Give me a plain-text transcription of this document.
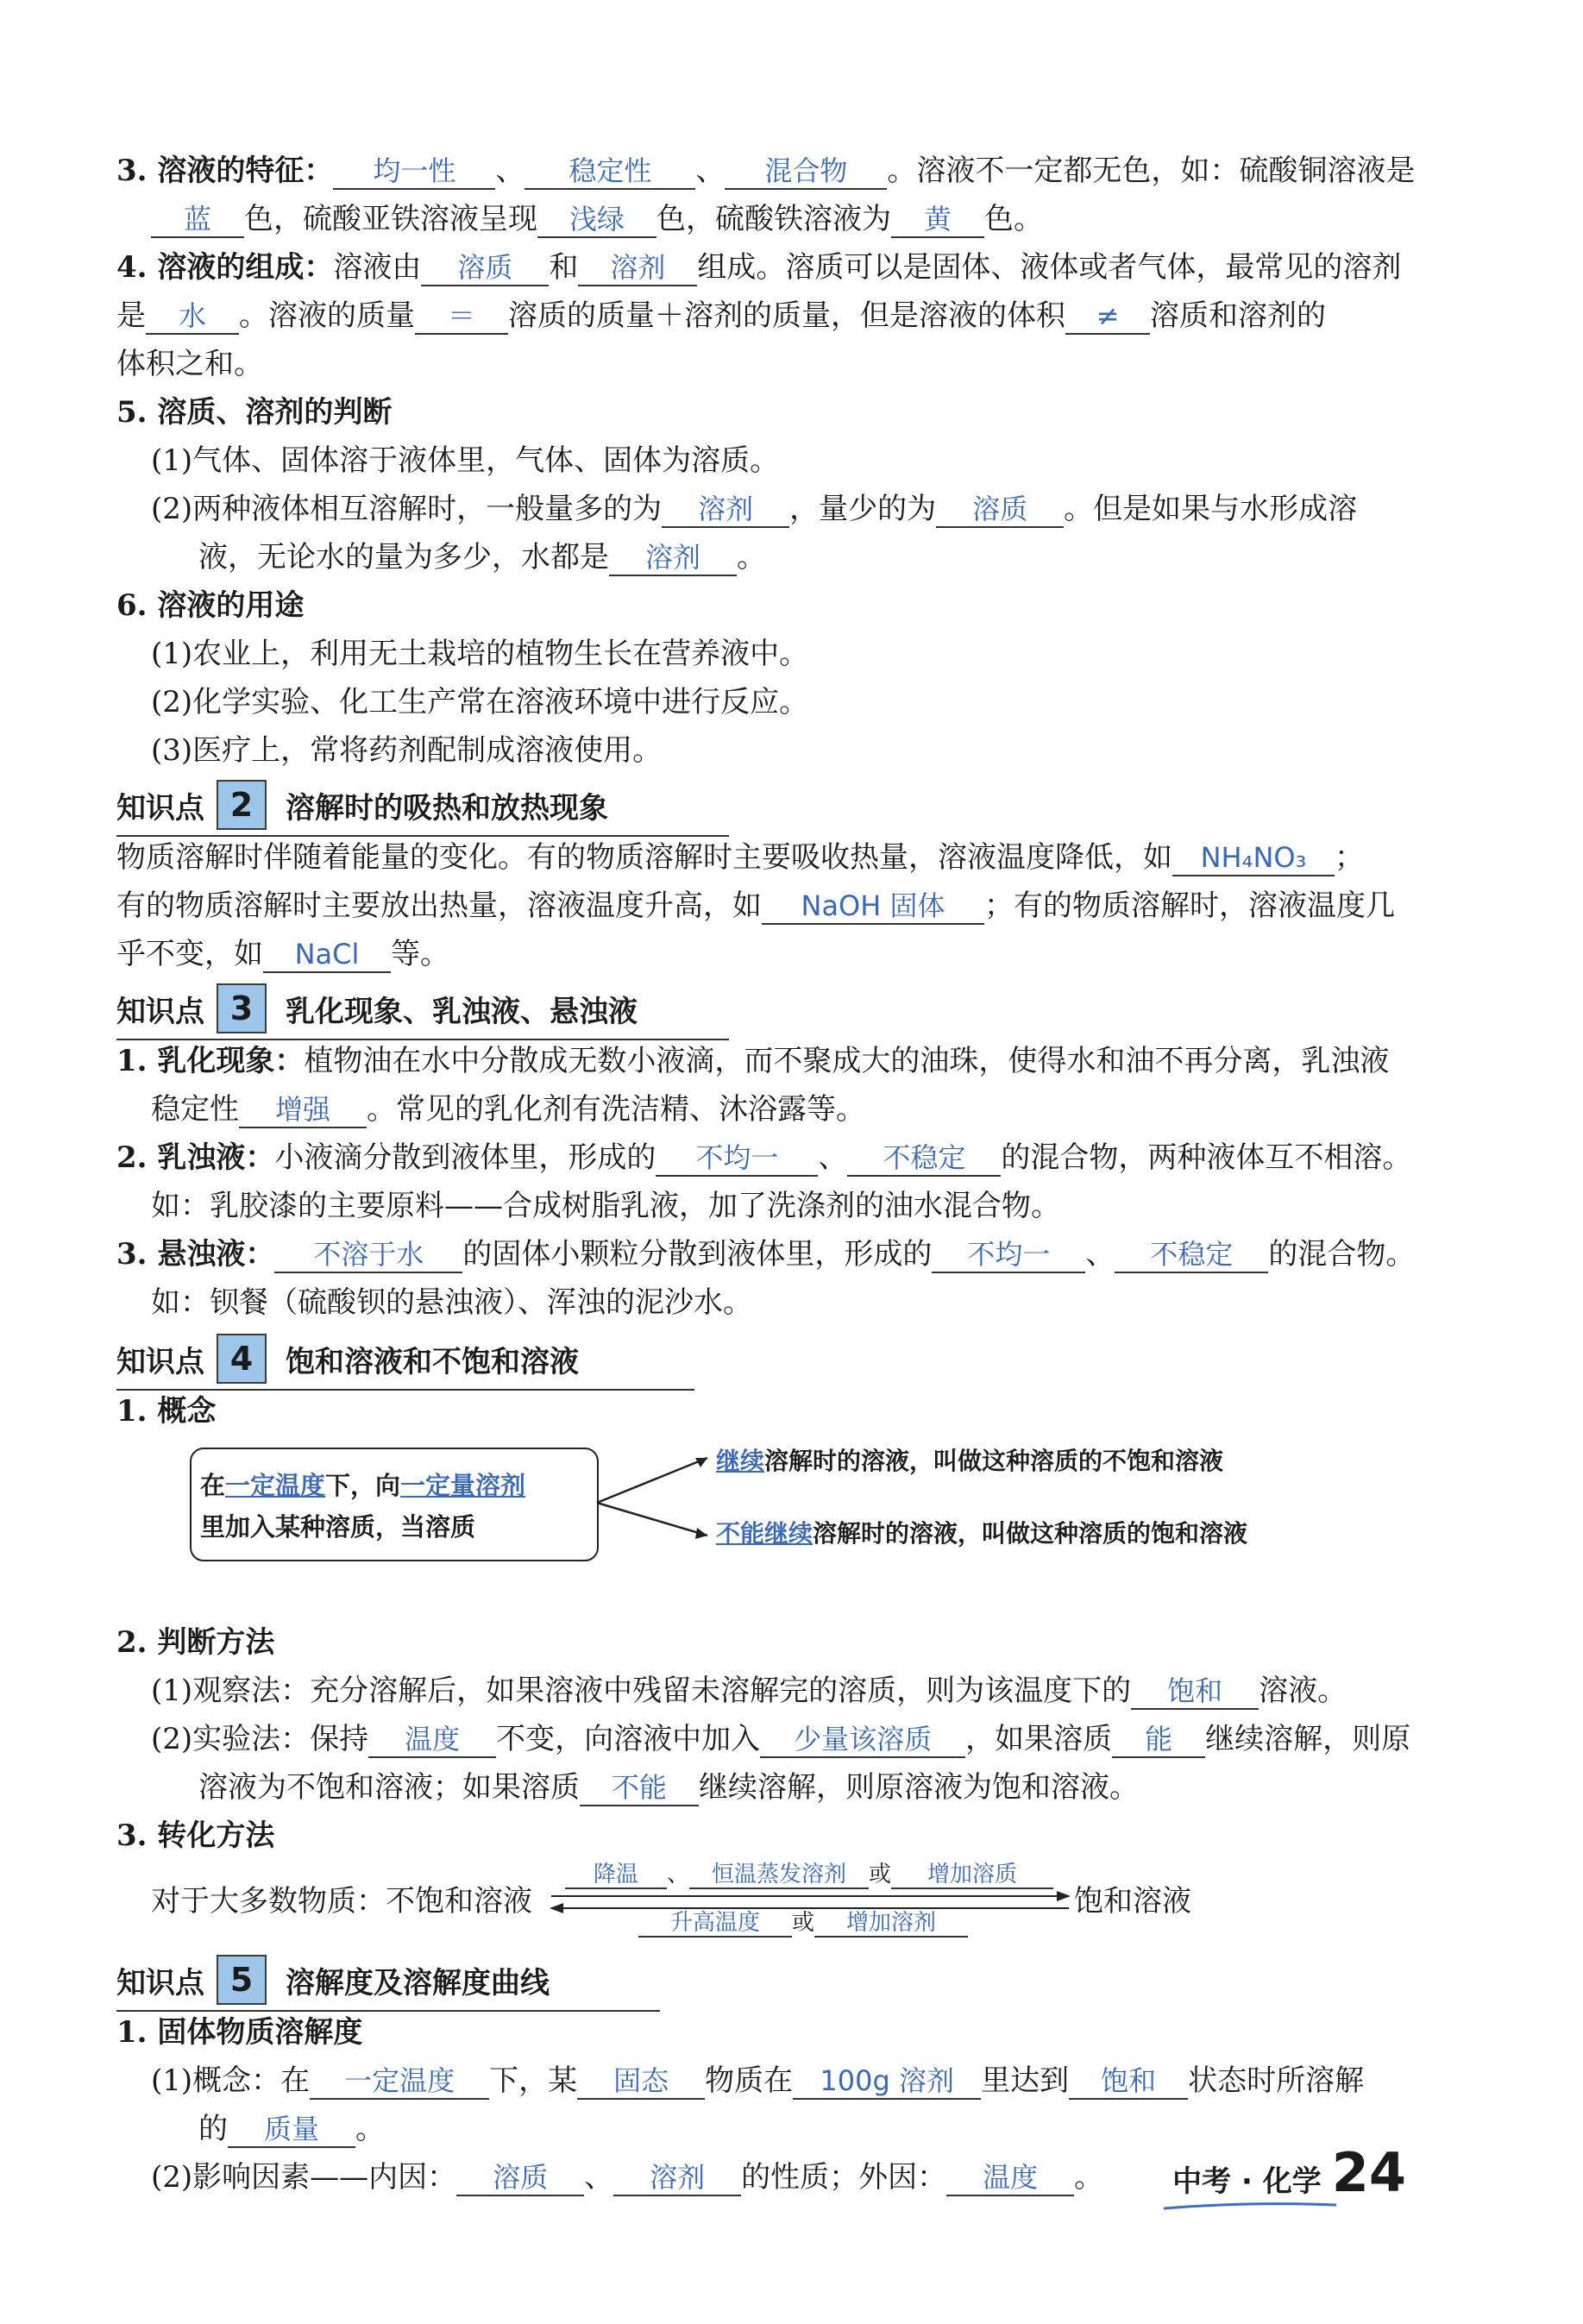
3. 溶液的特征： 均一性 、 稳定性 、 混合物 。溶液不一定都无色，如：硫酸铜溶液是
蓝 色，硫酸亚铁溶液呈现 浅绿 色，硫酸铁溶液为 黄 色。
4. 溶液的组成：溶液由 溶质 和 溶剂 组成。溶质可以是固体、液体或者气体，最常见的溶剂
是 水 。溶液的质量 ＝ 溶质的质量＋溶剂的质量，但是溶液的体积 ≠ 溶质和溶剂的
体积之和。
5. 溶质、溶剂的判断
(1)气体、固体溶于液体里，气体、固体为溶质。
(2)两种液体相互溶解时，一般量多的为 溶剂 ，量少的为 溶质 。但是如果与水形成溶
液，无论水的量为多少，水都是 溶剂 。
6. 溶液的用途
(1)农业上，利用无土栽培的植物生长在营养液中。
(2)化学实验、化工生产常在溶液环境中进行反应。
(3)医疗上，常将药剂配制成溶液使用。
知识点 2	溶解时的吸热和放热现象
物质溶解时伴随着能量的变化。有的物质溶解时主要吸收热量，溶液温度降低，如 NH₄NO₃ ；
有的物质溶解时主要放出热量，溶液温度升高，如 NaOH 固体 ；有的物质溶解时，溶液温度几
乎不变，如 NaCl 等。
知识点 3	乳化现象、乳浊液、悬浊液
1. 乳化现象：植物油在水中分散成无数小液滴，而不聚成大的油珠，使得水和油不再分离，乳浊液
稳定性 增强 。常见的乳化剂有洗洁精、沐浴露等。
2. 乳浊液：小液滴分散到液体里，形成的 不均一 、 不稳定 的混合物，两种液体互不相溶。
如：乳胶漆的主要原料——合成树脂乳液，加了洗涤剂的油水混合物。
3. 悬浊液： 不溶于水 的固体小颗粒分散到液体里，形成的 不均一 、 不稳定 的混合物。
如：钡餐（硫酸钡的悬浊液）、浑浊的泥沙水。
知识点 4	饱和溶液和不饱和溶液
1. 概念
在一定温度下，向一定量溶剂
里加入某种溶质，当溶质
继续溶解时的溶液，叫做这种溶质的不饱和溶液
不能继续溶解时的溶液，叫做这种溶质的饱和溶液
2. 判断方法
(1)观察法：充分溶解后，如果溶液中残留未溶解完的溶质，则为该温度下的 饱和 溶液。
(2)实验法：保持 温度 不变，向溶液中加入 少量该溶质 ，如果溶质 能 继续溶解，则原
溶液为不饱和溶液；如果溶质 不能 继续溶解，则原溶液为饱和溶液。
3. 转化方法
对于大多数物质：不饱和溶液	饱和溶液
降温 、 恒温蒸发溶剂 或 增加溶质
升高温度 或 增加溶剂
知识点 5	溶解度及溶解度曲线
1. 固体物质溶解度
(1)概念：在 一定温度 下，某 固态 物质在 100g 溶剂 里达到 饱和 状态时所溶解
的 质量 。
(2)影响因素——内因： 溶质 、 溶剂 的性质；外因： 温度 。 中考 · 化学 24
